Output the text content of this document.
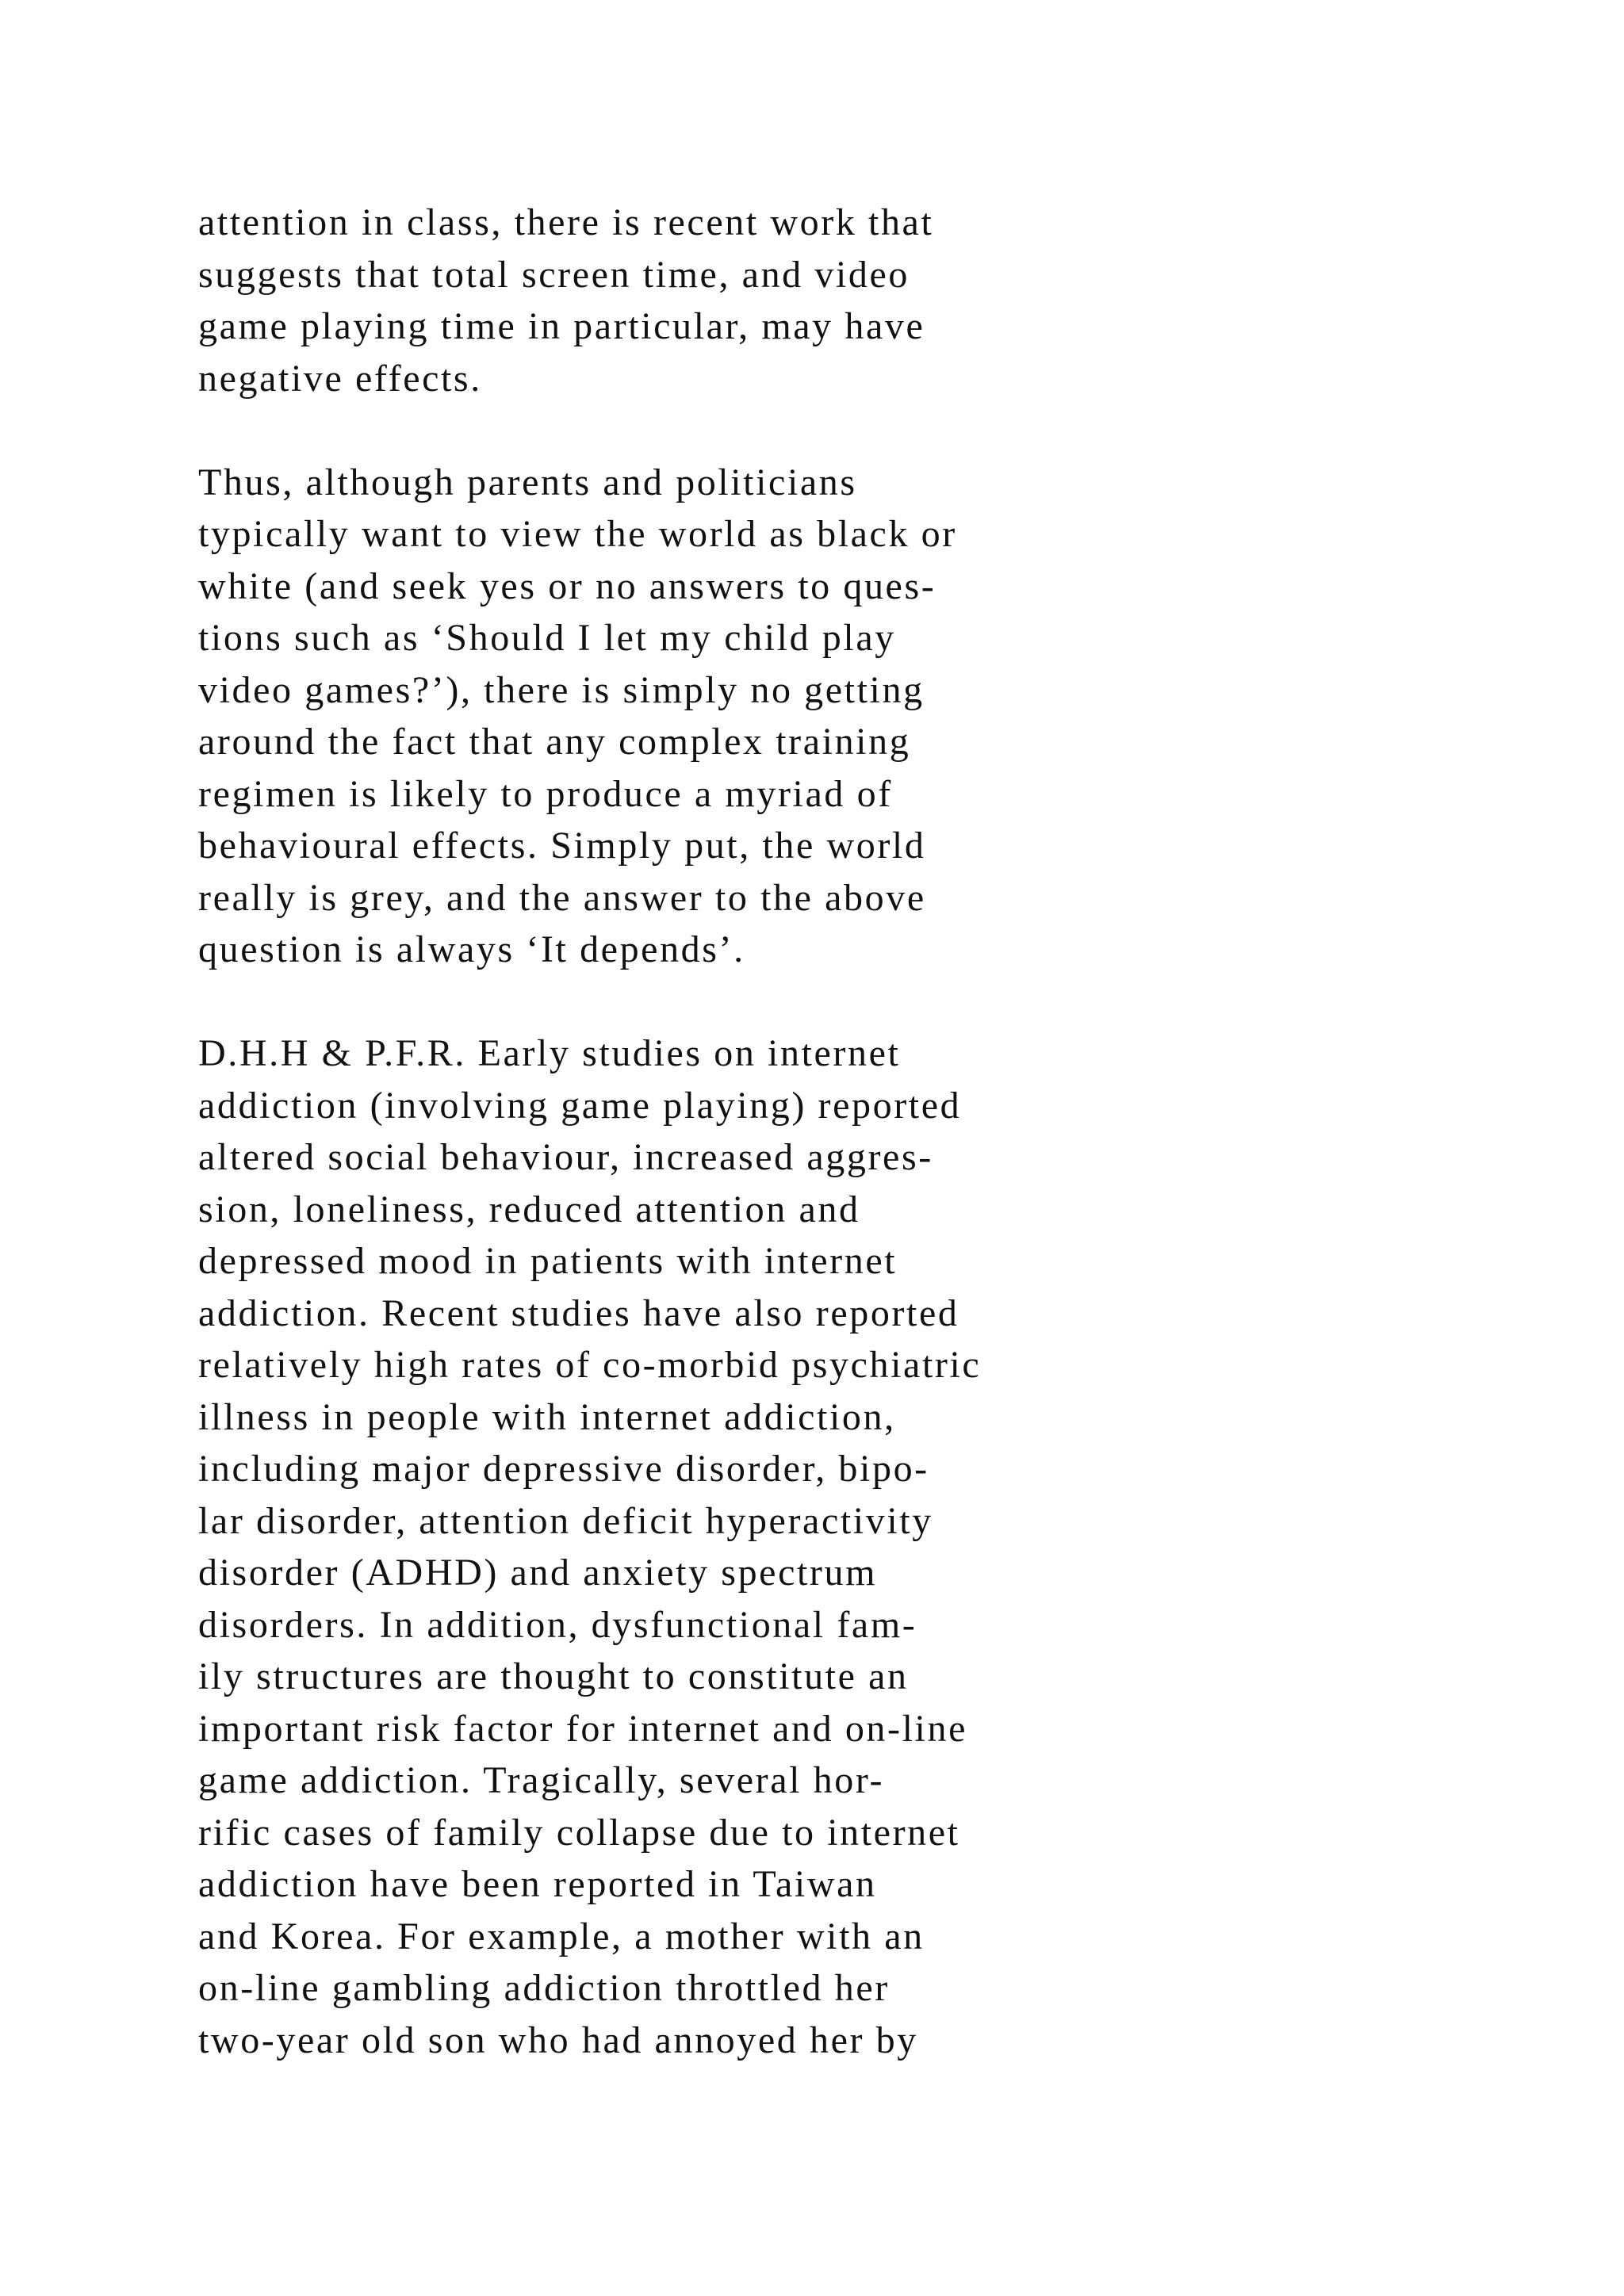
attention in class, there is recent work that
suggests that total screen time, and video
game playing time in particular, may have
negative effects.

Thus, although parents and politicians
typically want to view the world as black or
white (and seek yes or no answers to ques-
tions such as ‘Should I let my child play
video games?’), there is simply no getting
around the fact that any complex training
regimen is likely to produce a myriad of
behavioural effects. Simply put, the world
really is grey, and the answer to the above
question is always ‘It depends’.

D.H.H & P.F.R. Early studies on internet
addiction (involving game playing) reported
altered social behaviour, increased aggres-
sion, loneliness, reduced attention and
depressed mood in patients with internet
addiction. Recent studies have also reported
relatively high rates of co-morbid psychiatric
illness in people with internet addiction,
including major depressive disorder, bipo-
lar disorder, attention deficit hyperactivity
disorder (ADHD) and anxiety spectrum
disorders. In addition, dysfunctional fam-
ily structures are thought to constitute an
important risk factor for internet and on-line
game addiction. Tragically, several hor-
rific cases of family collapse due to internet
addiction have been reported in Taiwan
and Korea. For example, a mother with an
on-line gambling addiction throttled her
two-year old son who had annoyed her by
